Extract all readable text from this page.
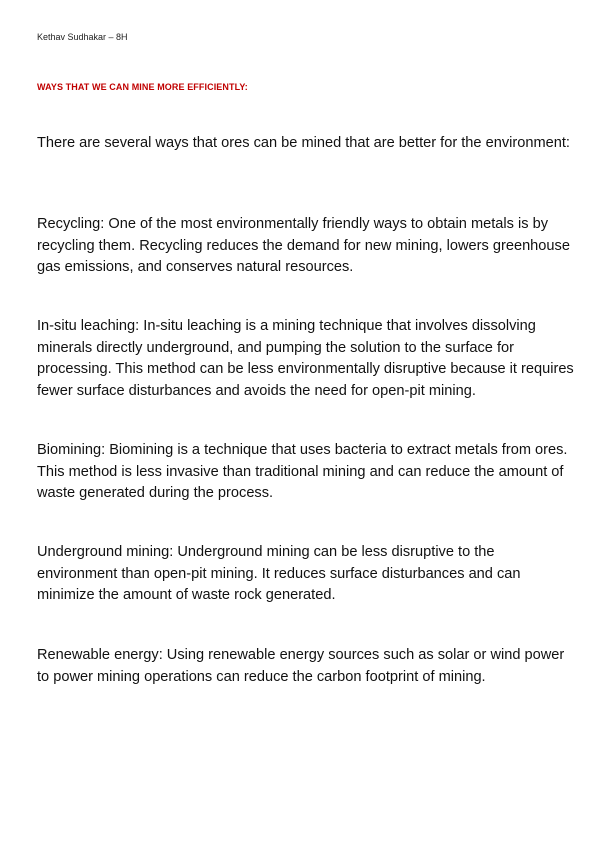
Kethav Sudhakar – 8H
WAYS THAT WE CAN MINE MORE EFFICIENTLY:

There are several ways that ores can be mined that are better for the environment:

Recycling: One of the most environmentally friendly ways to obtain metals is by recycling them. Recycling reduces the demand for new mining, lowers greenhouse gas emissions, and conserves natural resources.

In-situ leaching: In-situ leaching is a mining technique that involves dissolving minerals directly underground, and pumping the solution to the surface for processing. This method can be less environmentally disruptive because it requires fewer surface disturbances and avoids the need for open-pit mining.

Biomining: Biomining is a technique that uses bacteria to extract metals from ores. This method is less invasive than traditional mining and can reduce the amount of waste generated during the process.

Underground mining: Underground mining can be less disruptive to the environment than open-pit mining. It reduces surface disturbances and can minimize the amount of waste rock generated.

Renewable energy: Using renewable energy sources such as solar or wind power to power mining operations can reduce the carbon footprint of mining.
